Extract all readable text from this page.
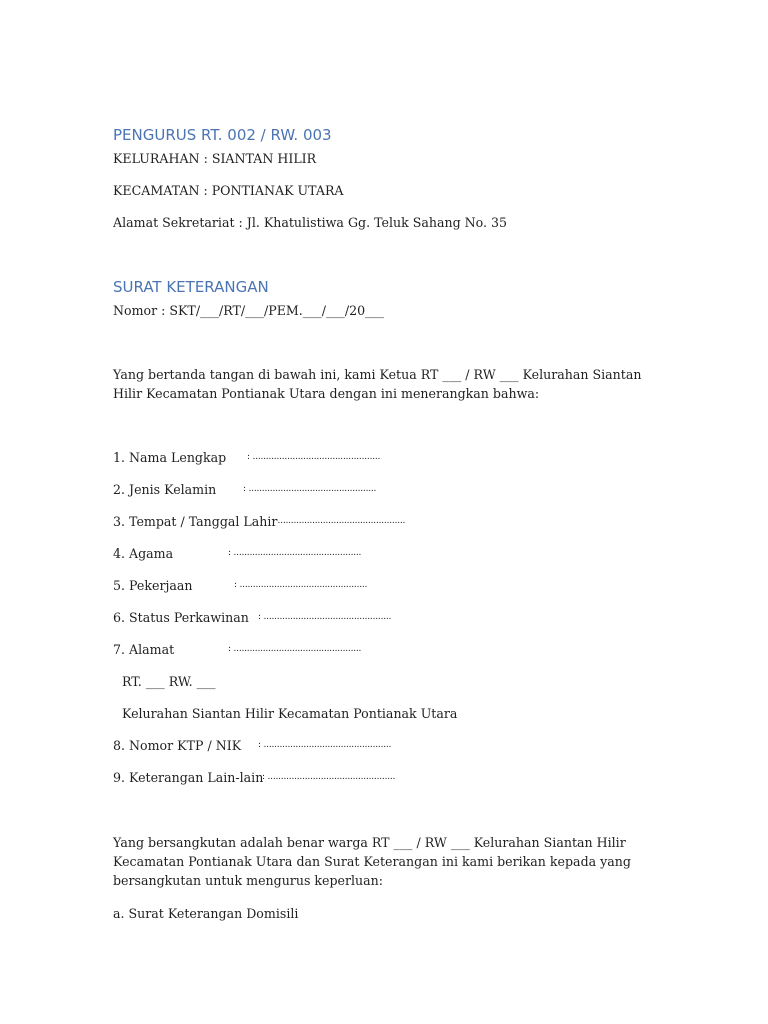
PENGURUS RT. 002 / RW. 003
KELURAHAN : SIANTAN HILIR
KECAMATAN : PONTIANAK UTARA
Alamat Sekretariat : Jl. Khatulistiwa Gg. Teluk Sahang No. 35
SURAT KETERANGAN
Nomor : SKT/___/RT/___/PEM.___/___/20___
Yang bertanda tangan di bawah ini, kami Ketua RT ___ / RW ___ Kelurahan Siantan Hilir Kecamatan Pontianak Utara dengan ini menerangkan bahwa:
1. Nama Lengkap : ................................................
2. Jenis Kelamin	: ................................................
3. Tempat / Tanggal Lahir
: ................................................
4. Agama	: ................................................
5. Pekerjaan	: ................................................
6. Status Perkawinan : ................................................
7. Alamat	: ................................................
RT. ___ RW. ___
Kelurahan Siantan Hilir Kecamatan Pontianak Utara
8. Nomor KTP / NIK : ................................................
9. Keterangan Lain-lain
: ................................................
Yang bersangkutan adalah benar warga RT ___ / RW ___ Kelurahan Siantan Hilir Kecamatan Pontianak Utara dan Surat Keterangan ini kami berikan kepada yang bersangkutan untuk mengurus keperluan:
a. Surat Keterangan Domisili
